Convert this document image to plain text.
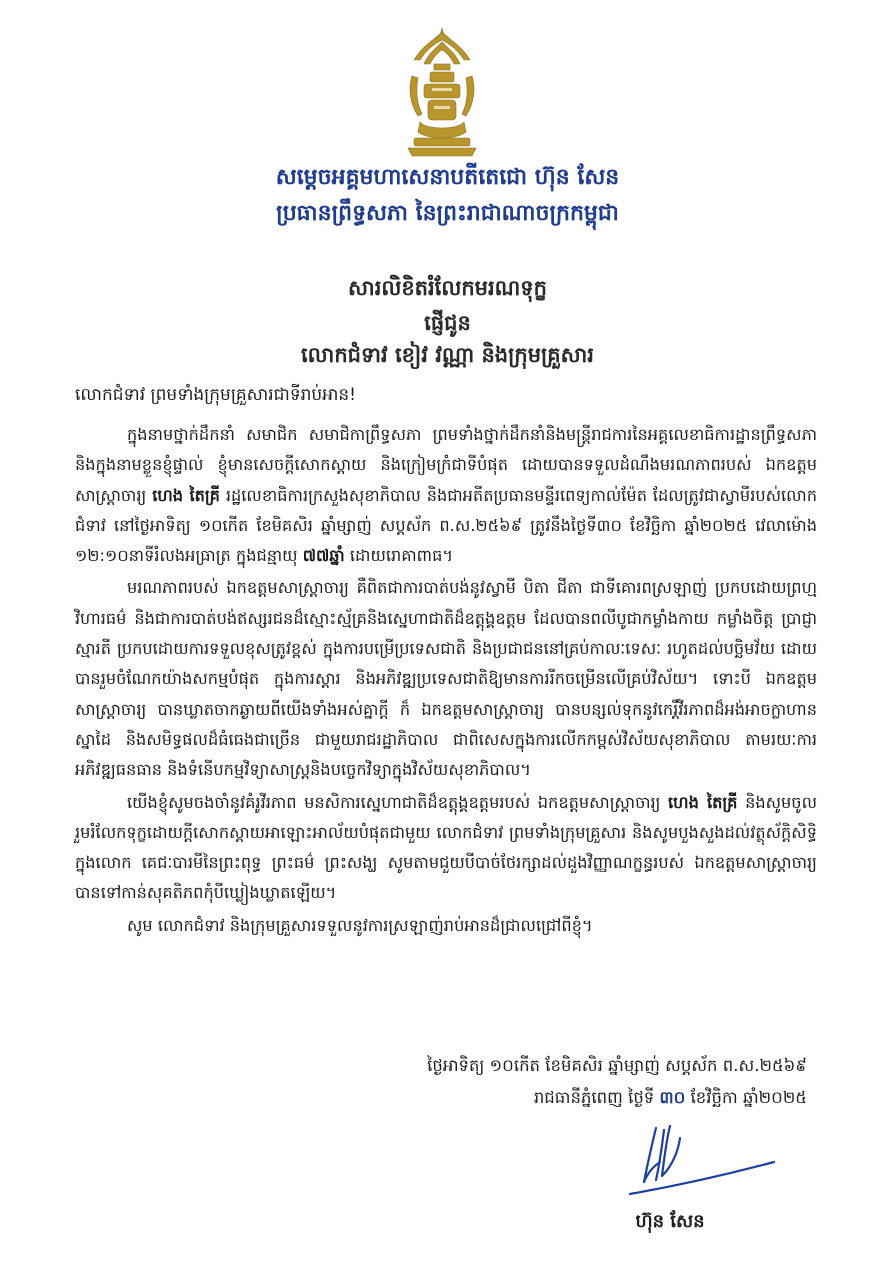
សម្ដេចអគ្គមហាសេនាបតីតេជោ ហ៊ុន សែន
ប្រធានព្រឹទ្ធសភា នៃព្រះរាជាណាចក្រកម្ពុជា
សារលិខិតរំលែកមរណទុក្ខ
ផ្ញើជូន
លោកជំទាវ ខៀវ វណ្ណា និងក្រុមគ្រួសារ
លោកជំទាវ ព្រមទាំងក្រុមគ្រួសារជាទីរាប់អាន!

ក្នុងនាមថ្នាក់ដឹកនាំ សមាជិក សមាជិកាព្រឹទ្ធសភា ព្រមទាំងថ្នាក់ដឹកនាំនិងមន្ត្រីរាជការនៃអគ្គលេខាធិការដ្ឋានព្រឹទ្ធសភា និងក្នុងនាមខ្លួនខ្ញុំផ្ទាល់ ខ្ញុំមានសេចក្តីសោកស្តាយ និងក្រៀមក្រំជាទីបំផុត ដោយបានទទួលដំណឹងមរណភាពរបស់ ឯកឧត្តមសាស្ត្រាចារ្យ ហេង តៃគ្រី រដ្ឋលេខាធិការក្រសួងសុខាភិបាល និងជាអតីតប្រធានមន្ទីរពេទ្យកាល់ម៉ែត ដែលត្រូវជាស្វាមីរបស់លោកជំទាវ នៅថ្ងៃអាទិត្យ ១០កើត ខែមិគសិរ ឆ្នាំម្សាញ់ សប្តស័ក ព.ស.២៥៦៩ ត្រូវនឹងថ្ងៃទី៣០ ខែវិច្ឆិកា ឆ្នាំ២០២៥ វេលាម៉ោង ១២:១០នាទីរំលងអធ្រាត្រ ក្នុងជន្មាយុ ៧៧ឆ្នាំ ដោយរោគាពាធ។

មរណភាពរបស់ ឯកឧត្តមសាស្ត្រាចារ្យ គឺពិតជាការបាត់បង់នូវស្វាមី បិតា ជីតា ជាទីគោរពស្រឡាញ់ ប្រកបដោយព្រហ្មវិហារធម៌ និងជាការបាត់បង់ឥស្សរជនដ៏ស្មោះស្ម័គ្រនិងស្នេហាជាតិដ៏ឧត្តុង្គឧត្តម ដែលបានពលីបូជាកម្លាំងកាយ កម្លាំងចិត្ត ប្រាជ្ញា ស្មារតី ប្រកបដោយការទទួលខុសត្រូវខ្ពស់ ក្នុងការបម្រើប្រទេសជាតិ និងប្រជាជននៅគ្រប់កាលៈទេសៈ រហូតដល់បច្ឆិមវ័យ ដោយបានរួមចំណែកយ៉ាងសកម្មបំផុត ក្នុងការស្តារ និងអភិវឌ្ឍប្រទេសជាតិឱ្យមានការរីកចម្រើនលើគ្រប់វិស័យ។ ទោះបី ឯកឧត្តមសាស្ត្រាចារ្យ បានឃ្លាតចាកឆ្ងាយពីយើងទាំងអស់គ្នាក្តី ក៏ ឯកឧត្តមសាស្ត្រាចារ្យ បានបន្សល់ទុកនូវកេរ្តិ៍វីរភាពដ៏អង់អាចក្លាហាន ស្នាដៃ និងសមិទ្ធផលដ៏ធំធេងជាច្រើន ជាមួយរាជរដ្ឋាភិបាល ជាពិសេសក្នុងការលើកកម្ពស់វិស័យសុខាភិបាល តាមរយៈការអភិវឌ្ឍធនធាន និងទំនើបកម្មវិទ្យាសាស្ត្រនិងបច្ចេកវិទ្យាក្នុងវិស័យសុខាភិបាល។

យើងខ្ញុំសូមចងចាំនូវគំរូវីរភាព មនសិការស្នេហាជាតិដ៏ឧត្តុង្គឧត្តមរបស់ ឯកឧត្តមសាស្ត្រាចារ្យ ហេង តៃគ្រី និងសូមចូលរួមរំលែកទុក្ខដោយក្តីសោកស្តាយអាឡោះអាល័យបំផុតជាមួយ លោកជំទាវ ព្រមទាំងក្រុមគ្រួសារ និងសូមបួងសួងដល់វត្ថុស័ក្តិសិទ្ធិក្នុងលោក គេជៈបារមីនៃព្រះពុទ្ធ ព្រះធម៌ ព្រះសង្ឃ សូមតាមជួយបីបាច់ថែរក្សាដល់ដួងវិញ្ញាណក្ខន្ធរបស់ ឯកឧត្តមសាស្ត្រាចារ្យ បានទៅកាន់សុគតិភពកុំបីឃ្លៀងឃ្លាតឡើយ។

សូម លោកជំទាវ និងក្រុមគ្រួសារទទួលនូវការស្រឡាញ់រាប់អានដ៏ជ្រាលជ្រៅពីខ្ញុំ។

ថ្ងៃអាទិត្យ ១០កើត ខែមិគសិរ ឆ្នាំម្សាញ់ សប្តស័ក ព.ស.២៥៦៩
រាជធានីភ្នំពេញ ថ្ងៃទី ៣០ ខែវិច្ឆិកា ឆ្នាំ២០២៥
ហ៊ុន សែន
